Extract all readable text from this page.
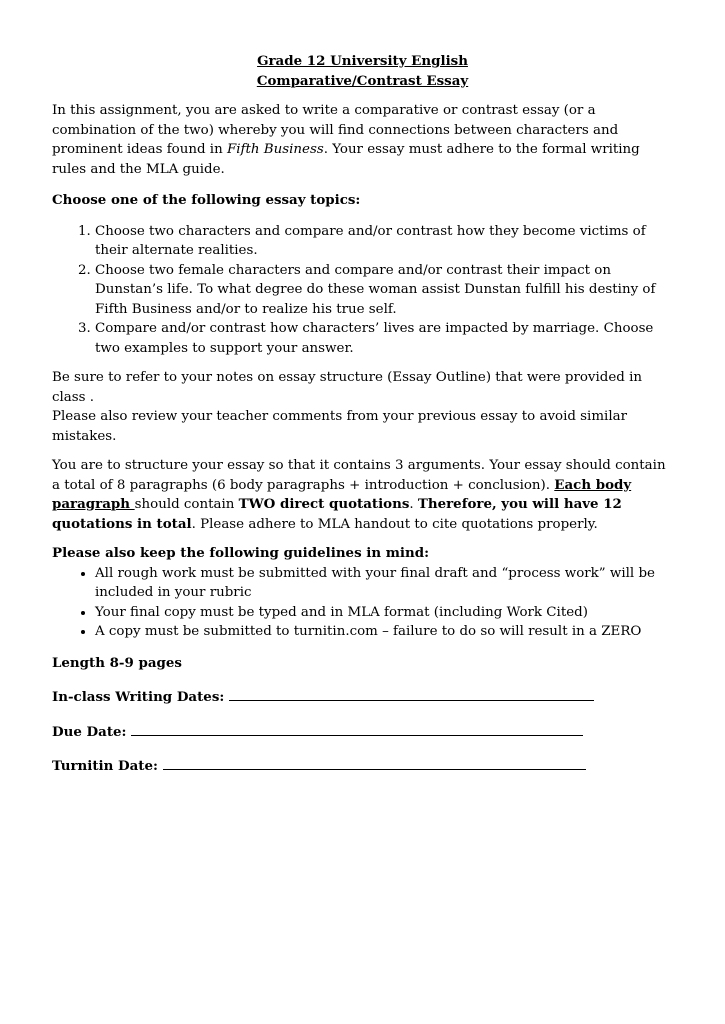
Grade 12 University English

Comparative/Contrast Essay

In this assignment, you are asked to write a comparative or contrast essay (or a combination of the two) whereby you will find connections between characters and prominent ideas found in Fifth Business. Your essay must adhere to the formal writing rules and the MLA guide.

Choose one of the following essay topics:

1. Choose two characters and compare and/or contrast how they become victims of their alternate realities.
2. Choose two female characters and compare and/or contrast their impact on Dunstan’s life. To what degree do these woman assist Dunstan fulfill his destiny of Fifth Business and/or to realize his true self.
3. Compare and/or contrast how characters’ lives are impacted by marriage. Choose two examples to support your answer.

Be sure to refer to your notes on essay structure (Essay Outline) that were provided in class .
Please also review your teacher comments from your previous essay to avoid similar mistakes.

You are to structure your essay so that it contains 3 arguments. Your essay should contain a total of 8 paragraphs (6 body paragraphs + introduction + conclusion). Each body paragraph should contain TWO direct quotations. Therefore, you will have 12 quotations in total. Please adhere to MLA handout to cite quotations properly.

Please also keep the following guidelines in mind:

• All rough work must be submitted with your final draft and “process work” will be included in your rubric
• Your final copy must be typed and in MLA format (including Work Cited)
• A copy must be submitted to turnitin.com – failure to do so will result in a ZERO

Length 8-9 pages

In-class Writing Dates:

Due Date:

Turnitin Date:
